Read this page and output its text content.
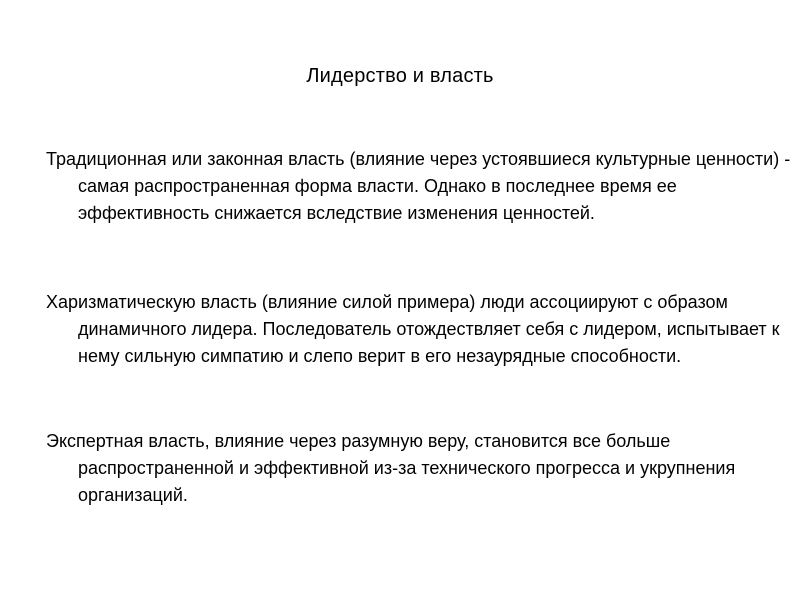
Лидерство и власть

Традиционная или законная власть (влияние через устоявшиеся культурные ценности) - самая распространенная форма власти. Однако в последнее время ее эффективность снижается вследствие изменения ценностей.

Харизматическую власть (влияние силой примера) люди ассоциируют с образом динамичного лидера. Последователь отождествляет себя с лидером, испытывает к нему сильную симпатию и слепо верит в его незаурядные способности.

Экспертная власть, влияние через разумную веру, становится все больше распространенной и эффективной из-за технического прогресса и укрупнения организаций.
